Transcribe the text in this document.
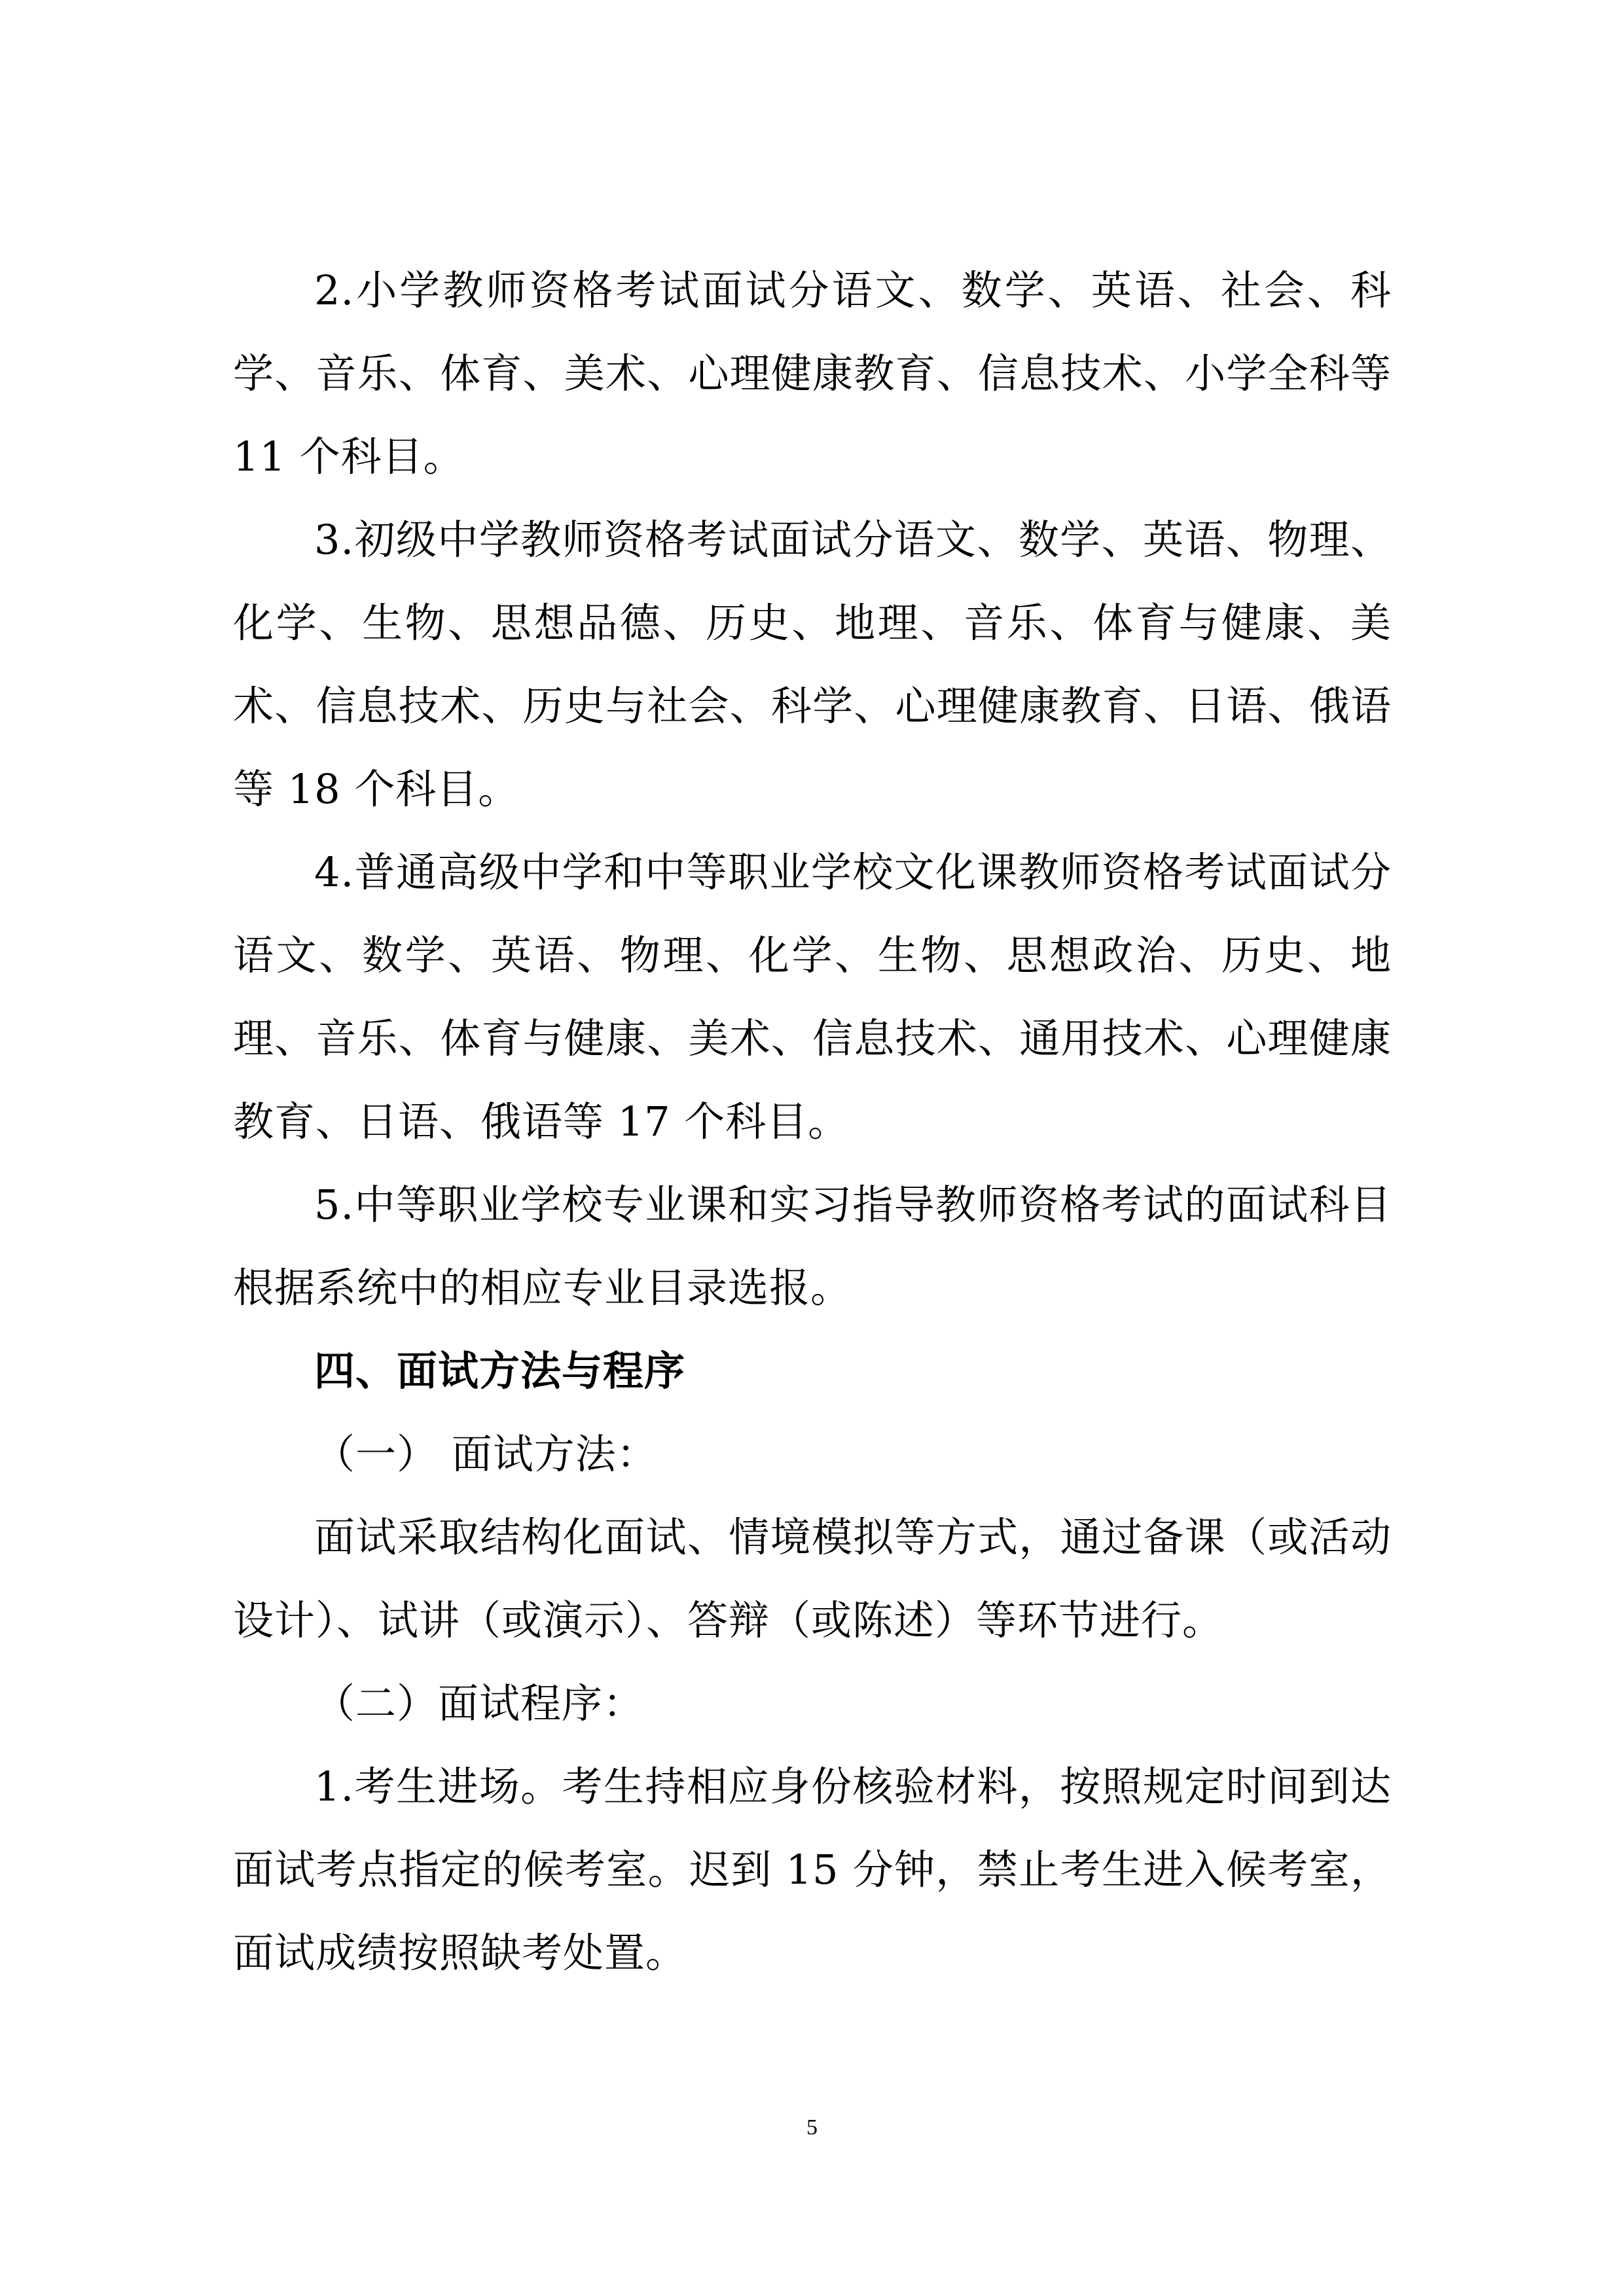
2.小学教师资格考试面试分语文、数学、英语、社会、科学、音乐、体育、美术、心理健康教育、信息技术、小学全科等 11 个科目。

3.初级中学教师资格考试面试分语文、数学、英语、物理、化学、生物、思想品德、历史、地理、音乐、体育与健康、美术、信息技术、历史与社会、科学、心理健康教育、日语、俄语等 18 个科目。

4.普通高级中学和中等职业学校文化课教师资格考试面试分语文、数学、英语、物理、化学、生物、思想政治、历史、地理、音乐、体育与健康、美术、信息技术、通用技术、心理健康教育、日语、俄语等 17 个科目。

5.中等职业学校专业课和实习指导教师资格考试的面试科目根据系统中的相应专业目录选报。

四、面试方法与程序

（一） 面试方法：

面试采取结构化面试、情境模拟等方式，通过备课（或活动设计）、试讲（或演示）、答辩（或陈述）等环节进行。

（二）面试程序：

1.考生进场。考生持相应身份核验材料，按照规定时间到达面试考点指定的候考室。迟到 15 分钟，禁止考生进入候考室，面试成绩按照缺考处置。

5
